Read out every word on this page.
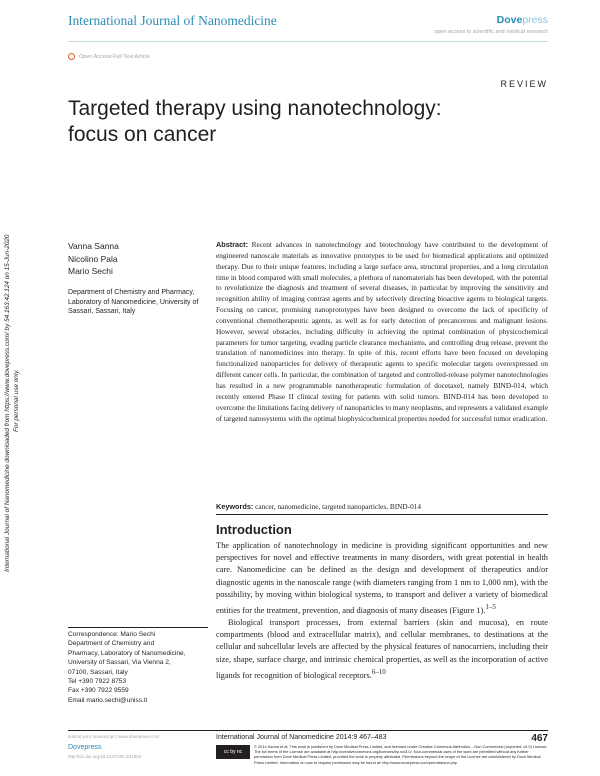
International Journal of Nanomedicine	Dovepress
open access to scientific and medical research
Open Access Full Text Article
REVIEW
Targeted therapy using nanotechnology:
focus on cancer
International Journal of Nanomedicine downloaded from https://www.dovepress.com/ by 54.163.42.124 on 15-Jun-2020 For personal use only.
Vanna Sanna
Nicolino Pala
Mario Sechi
Department of Chemistry and Pharmacy, Laboratory of Nanomedicine, University of Sassari, Sassari, Italy
Abstract: Recent advances in nanotechnology and biotechnology have contributed to the development of engineered nanoscale materials as innovative prototypes to be used for biomedical applications and optimized therapy. Due to their unique features, including a large surface area, structural properties, and a long circulation time in blood compared with small molecules, a plethora of nanomaterials has been developed, with the potential to revolutionize the diagnosis and treatment of several diseases, in particular by improving the sensitivity and recognition ability of imaging contrast agents and by selectively directing bioactive agents to biological targets. Focusing on cancer, promising nanoprototypes have been designed to overcome the lack of specificity of conventional chemotherapeutic agents, as well as for early detection of precancerous and malignant lesions. However, several obstacles, including difficulty in achieving the optimal combination of physicochemical parameters for tumor targeting, evading particle clearance mechanisms, and controlling drug release, prevent the translation of nanomedicines into therapy. In spite of this, recent efforts have been focused on developing functionalized nanoparticles for delivery of therapeutic agents to specific molecular targets overexpressed on different cancer cells. In particular, the combination of targeted and controlled-release polymer nanotechnologies has resulted in a new programmable nanotherapeutic formulation of docetaxel, namely BIND-014, which recently entered Phase II clinical testing for patients with solid tumors. BIND-014 has been developed to overcome the limitations facing delivery of nanoparticles to many neoplasms, and represents a validated example of targeted nanosystems with the optimal biophysicochemical properties needed for successful tumor eradication.
Keywords: cancer, nanomedicine, targeted nanoparticles, BIND-014
Introduction

The application of nanotechnology in medicine is providing significant opportunities and new perspectives for novel and effective treatments in many disorders, with great potential in health care. Nanomedicine can be defined as the design and development of therapeutics and/or diagnostic agents in the nanoscale range (with diameters ranging from 1 nm to 1,000 nm), with the possibility, by moving within biological systems, to transport and deliver a variety of biomedical entities for the treatment, prevention, and diagnosis of many diseases (Figure 1).$^{1-5}$

Biological transport processes, from external barriers (skin and mucosa), en route compartments (blood and extracellular matrix), and cellular membranes, to destinations at the cellular and subcellular levels are affected by the physical features of nanocarriers, including their size, shape, surface charge, and intrinsic chemical properties, as well as the incorporation of active ligands for recognition of biological receptors.$^{6-10}$

Correspondence: Mario Sechi
Department of Chemistry and
Pharmacy, Laboratory of Nanomedicine,
University of Sassari, Via Vienna 2,
07100, Sassari, Italy
Tel +390 7922 8753
Fax +390 7922 9559
Email mario.sechi@uniss.it
submit your manuscript | www.dovepress.com
Dovepress
http://dx.doi.org/10.2147/IJN.S41804
International Journal of Nanomedicine 2014:9 467–483	467
cc by nc
© 2014 Sanna et al. This work is published by Dove Medical Press Limited, and licensed under Creative Commons Attribution – Non Commercial (unported, v3.0) License. The full terms of the License are available at http://creativecommons.org/licenses/by-nc/3.0/. Non-commercial uses of the work are permitted without any further permission from Dove Medical Press Limited, provided the work is properly attributed. Permissions beyond the scope of the License are administered by Dove Medical Press Limited. Information on how to request permission may be found at: http://www.dovepress.com/permissions.php
